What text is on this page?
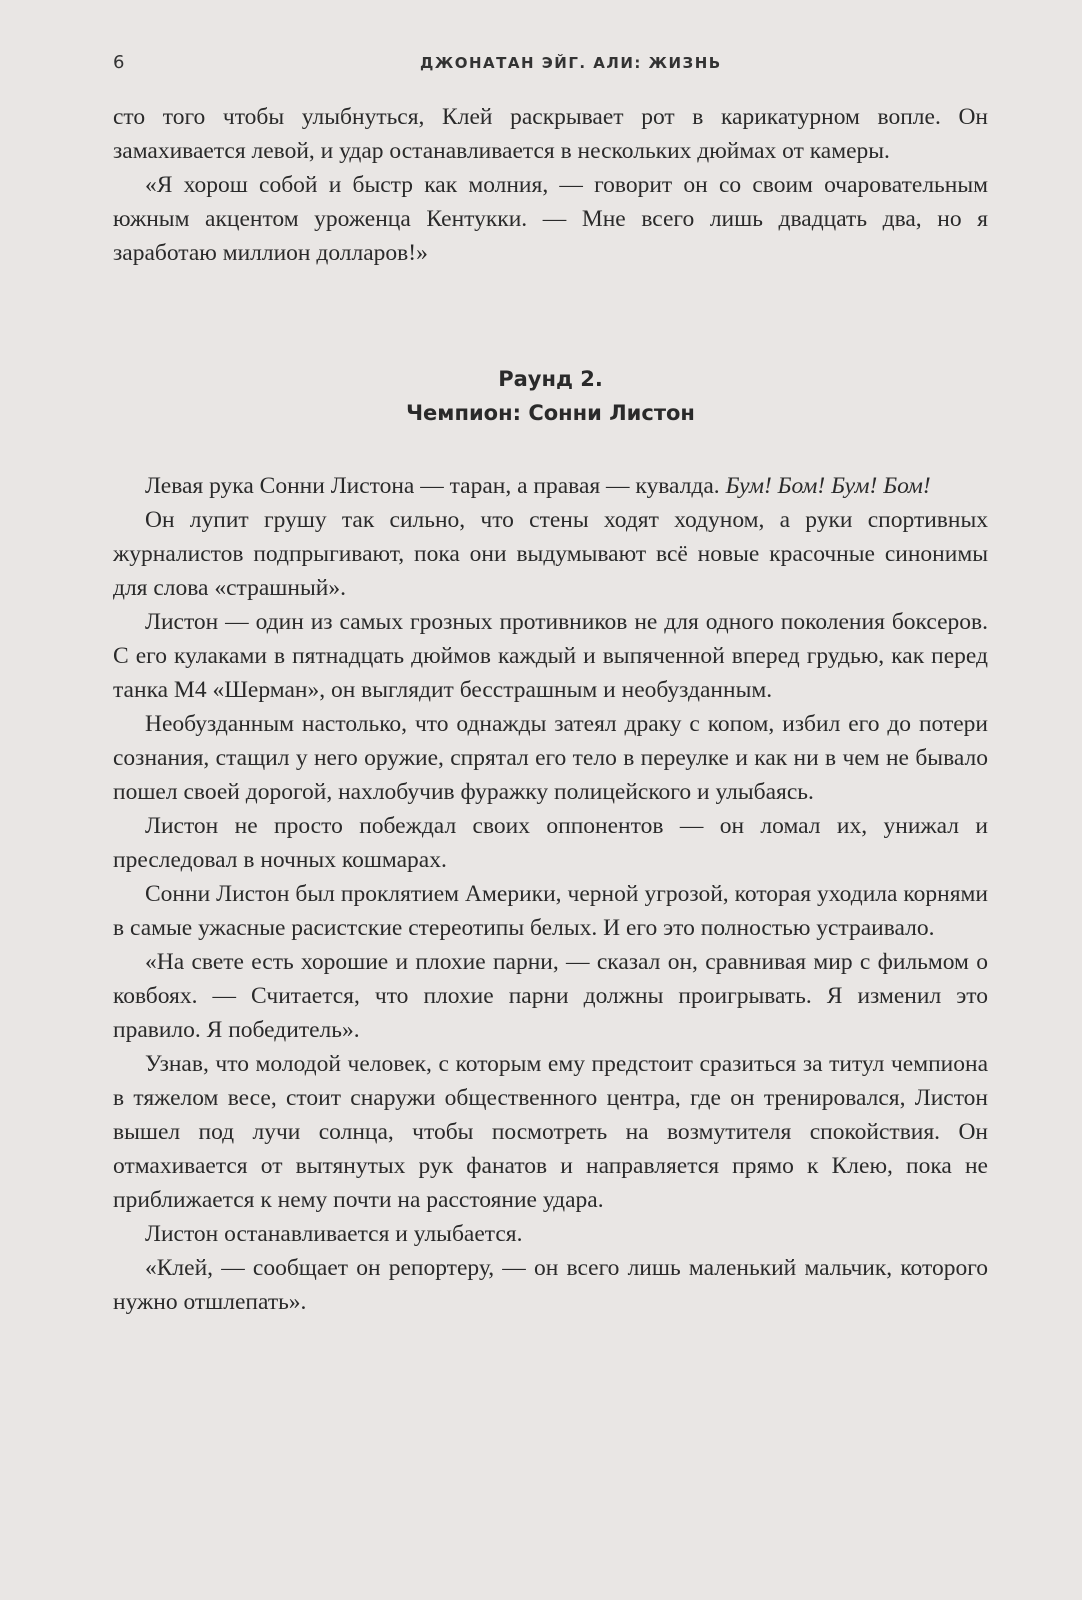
6	ДЖОНАТАН ЭЙГ. АЛИ: ЖИЗНЬ

сто того чтобы улыбнуться, Клей раскрывает рот в карикатурном вопле. Он замахивается левой, и удар останавливается в нескольких дюймах от камеры.

«Я хорош собой и быстр как молния, — говорит он со своим очаровательным южным акцентом уроженца Кентукки. — Мне всего лишь двадцать два, но я заработаю миллион долларов!»

Раунд 2.
Чемпион: Сонни Листон

Левая рука Сонни Листона — таран, а правая — кувалда. Бум! Бом! Бум! Бом!

Он лупит грушу так сильно, что стены ходят ходуном, а руки спортивных журналистов подпрыгивают, пока они выдумывают всё новые красочные синонимы для слова «страшный».

Листон — один из самых грозных противников не для одного поколения боксеров. С его кулаками в пятнадцать дюймов каждый и выпяченной вперед грудью, как перед танка М4 «Шерман», он выглядит бесстрашным и необузданным.

Необузданным настолько, что однажды затеял драку с копом, избил его до потери сознания, стащил у него оружие, спрятал его тело в переулке и как ни в чем не бывало пошел своей дорогой, нахлобучив фуражку полицейского и улыбаясь.

Листон не просто побеждал своих оппонентов — он ломал их, унижал и преследовал в ночных кошмарах.

Сонни Листон был проклятием Америки, черной угрозой, которая уходила корнями в самые ужасные расистские стереотипы белых. И его это полностью устраивало.

«На свете есть хорошие и плохие парни, — сказал он, сравнивая мир с фильмом о ковбоях. — Считается, что плохие парни должны проигрывать. Я изменил это правило. Я победитель».

Узнав, что молодой человек, с которым ему предстоит сразиться за титул чемпиона в тяжелом весе, стоит снаружи общественного центра, где он тренировался, Листон вышел под лучи солнца, чтобы посмотреть на возмутителя спокойствия. Он отмахивается от вытянутых рук фанатов и направляется прямо к Клею, пока не приближается к нему почти на расстояние удара.

Листон останавливается и улыбается.

«Клей, — сообщает он репортеру, — он всего лишь маленький мальчик, которого нужно отшлепать».
